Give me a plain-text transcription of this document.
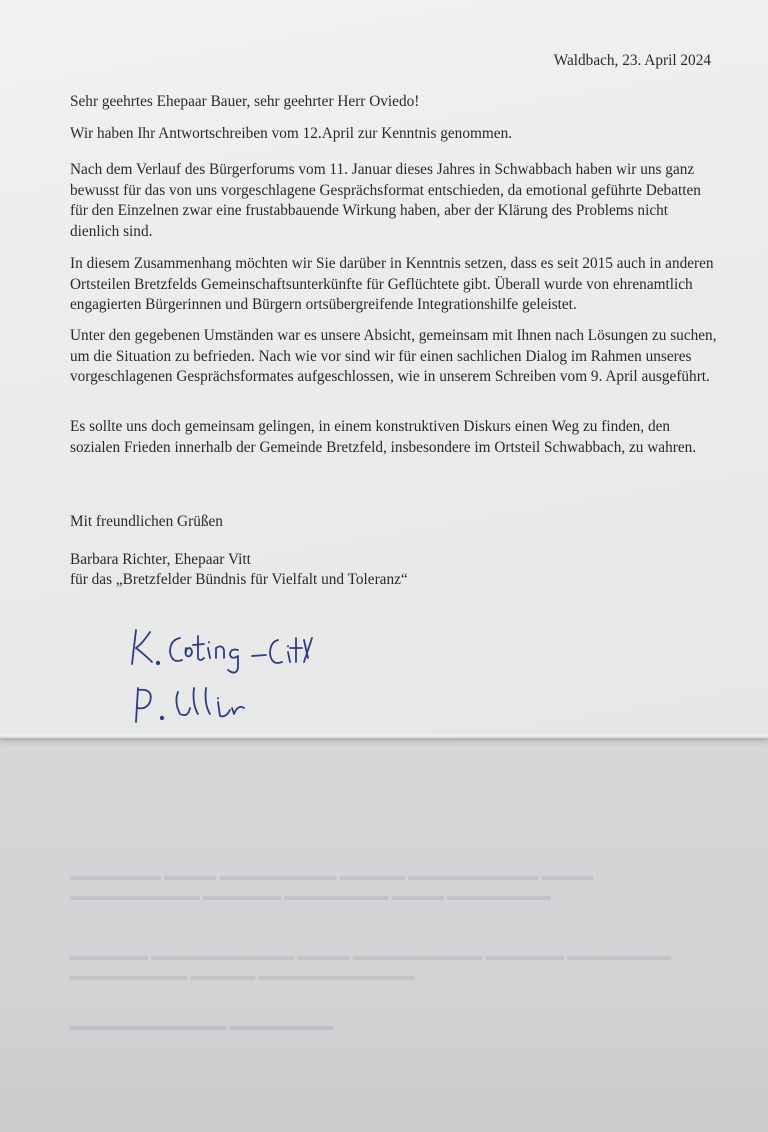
▬▬▬▬▬▬▬ ▬▬▬▬ ▬▬▬▬▬▬▬▬▬ ▬▬▬▬▬ ▬▬▬▬▬▬▬▬▬▬ ▬▬▬▬
▬▬▬▬▬▬▬▬▬▬ ▬▬▬▬▬▬ ▬▬▬▬▬▬▬▬ ▬▬▬▬ ▬▬▬▬▬▬▬▬
▬▬▬▬▬▬ ▬▬▬▬▬▬▬▬▬▬▬ ▬▬▬▬ ▬▬▬▬▬▬▬▬▬▬ ▬▬▬▬▬▬ ▬▬▬▬▬▬▬▬
▬▬▬▬▬▬▬▬▬ ▬▬▬▬▬ ▬▬▬▬▬▬▬▬▬▬▬▬
▬▬▬▬▬▬▬▬▬▬▬▬ ▬▬▬▬▬▬▬▬

Waldbach, 23. April 2024

Sehr geehrtes Ehepaar Bauer, sehr geehrter Herr Oviedo!

Wir haben Ihr Antwortschreiben vom 12.April zur Kenntnis genommen.

Nach dem Verlauf des Bürgerforums vom 11. Januar dieses Jahres in Schwabbach haben wir uns ganz bewusst für das von uns vorgeschlagene Gesprächsformat entschieden, da emotional geführte Debatten für den Einzelnen zwar eine frustabbauende Wirkung haben, aber der Klärung des Problems nicht dienlich sind.

In diesem Zusammenhang möchten wir Sie darüber in Kenntnis setzen, dass es seit 2015 auch in anderen Ortsteilen Bretzfelds Gemeinschaftsunterkünfte für Geflüchtete gibt. Überall wurde von ehrenamtlich engagierten Bürgerinnen und Bürgern ortsübergreifende Integrationshilfe geleistet.

Unter den gegebenen Umständen war es unsere Absicht, gemeinsam mit Ihnen nach Lösungen zu suchen, um die Situation zu befrieden. Nach wie vor sind wir für einen sachlichen Dialog im Rahmen unseres vorgeschlagenen Gesprächsformates aufgeschlossen, wie in unserem Schreiben vom 9. April ausgeführt.

Es sollte uns doch gemeinsam gelingen, in einem konstruktiven Diskurs einen Weg zu finden, den sozialen Frieden innerhalb der Gemeinde Bretzfeld, insbesondere im Ortsteil Schwabbach, zu wahren.

Mit freundlichen Grüßen

Barbara Richter, Ehepaar Vitt

für das „Bretzfelder Bündnis für Vielfalt und Toleranz“
